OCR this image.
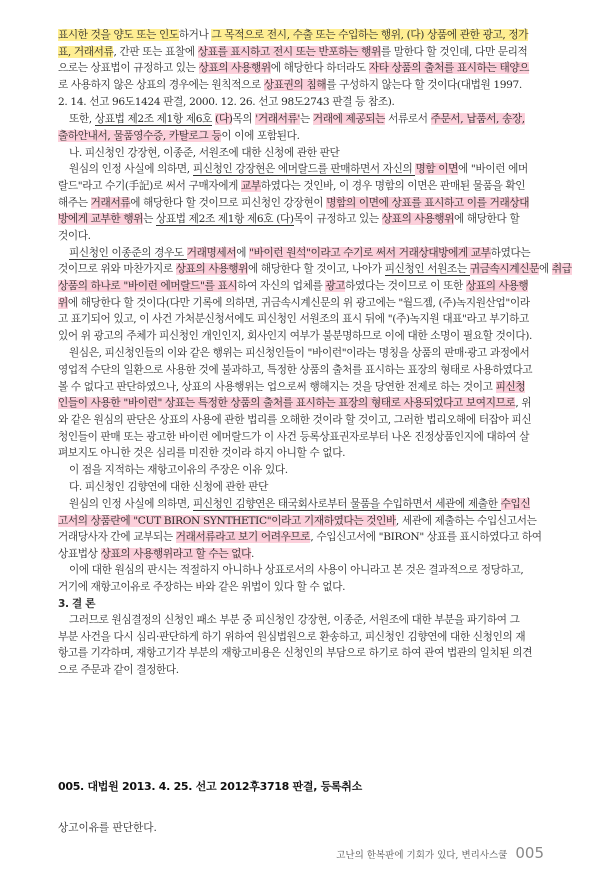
표시한 것을 양도 또는 인도하거나 그 목적으로 전시, 수출 또는 수입하는 행위, (다) 상품에 관한 광고, 정가
표, 거래서류, 간판 또는 표찰에 상표를 표시하고 전시 또는 반포하는 행위를 말한다 할 것인데, 다만 문리적
으로는 상표법이 규정하고 있는 상표의 사용행위에 해당한다 하더라도 자타 상품의 출처를 표시하는 태양으
로 사용하지 않은 상표의 경우에는 원칙적으로 상표권의 침해를 구성하지 않는다 할 것이다(대법원 1997.
2. 14. 선고 96도1424 판결, 2000. 12. 26. 선고 98도2743 판결 등 참조).
또한, 상표법 제2조 제1항 제6호 (다)목의 '거래서류'는 거래에 제공되는 서류로서 주문서, 납품서, 송장,
출하안내서, 물품영수증, 카탈로그 등이 이에 포함된다.
나. 피신청인 강장현, 이종준, 서원조에 대한 신청에 관한 판단
원심의 인정 사실에 의하면, 피신청인 강장현은 에머랄드를 판매하면서 자신의 명함 이면에 "바이런 에머
랄드"라고 수기(手記)로 써서 구매자에게 교부하였다는 것인바, 이 경우 명함의 이면은 판매된 물품을 확인
해주는 거래서류에 해당한다 할 것이므로 피신청인 강장현이 명함의 이면에 상표를 표시하고 이를 거래상대
방에게 교부한 행위는 상표법 제2조 제1항 제6호 (다)목이 규정하고 있는 상표의 사용행위에 해당한다 할
것이다.
피신청인 이종준의 경우도 거래명세서에 "바이런 원석"이라고 수기로 써서 거래상대방에게 교부하였다는
것이므로 위와 마찬가지로 상표의 사용행위에 해당한다 할 것이고, 나아가 피신청인 서원조는 귀금속시계신문에 취급
상품의 하나로 "바이런 에머랄드"를 표시하여 자신의 업체를 광고하였다는 것이므로 이 또한 상표의 사용행
위에 해당한다 할 것이다(다만 기록에 의하면, 귀금속시계신문의 위 광고에는 "월드젬, (주)녹지원산업"이라
고 표기되어 있고, 이 사건 가처분신청서에도 피신청인 서원조의 표시 뒤에 "(주)녹지원 대표"라고 부기하고
있어 위 광고의 주체가 피신청인 개인인지, 회사인지 여부가 불분명하므로 이에 대한 소명이 필요할 것이다).
원심은, 피신청인들의 이와 같은 행위는 피신청인들이 "바이런"이라는 명칭을 상품의 판매·광고 과정에서
영업적 수단의 일환으로 사용한 것에 불과하고, 특정한 상품의 출처를 표시하는 표장의 형태로 사용하였다고
볼 수 없다고 판단하였으나, 상표의 사용행위는 업으로써 행해지는 것을 당연한 전제로 하는 것이고 피신청
인들이 사용한 "바이런" 상표는 특정한 상품의 출처를 표시하는 표장의 형태로 사용되었다고 보여지므로, 위
와 같은 원심의 판단은 상표의 사용에 관한 법리를 오해한 것이라 할 것이고, 그러한 법리오해에 터잡아 피신
청인들이 판매 또는 광고한 바이런 에머랄드가 이 사건 등록상표권자로부터 나온 진정상품인지에 대하여 살
펴보지도 아니한 것은 심리를 미진한 것이라 하지 아니할 수 없다.
이 점을 지적하는 재항고이유의 주장은 이유 있다.
다. 피신청인 김향연에 대한 신청에 관한 판단
원심의 인정 사실에 의하면, 피신청인 김향연은 태국회사로부터 물품을 수입하면서 세관에 제출한 수입신
고서의 상품란에 "CUT BIRON SYNTHETIC"이라고 기재하였다는 것인바, 세관에 제출하는 수입신고서는
거래당사자 간에 교부되는 거래서류라고 보기 어려우므로, 수입신고서에 "BIRON" 상표를 표시하였다고 하여
상표법상 상표의 사용행위라고 할 수는 없다.
이에 대한 원심의 판시는 적절하지 아니하나 상표로서의 사용이 아니라고 본 것은 결과적으로 정당하고,
거기에 재항고이유로 주장하는 바와 같은 위법이 있다 할 수 없다.
005. 대법원 2013. 4. 25. 선고 2012후3718 판결, 등록취소
상고이유를 판단한다.
고난의 한복판에 기회가 있다, 변리사스쿨 005
3. 결 론
그러므로 원심결정의 신청인 패소 부분 중 피신청인 강장현, 이종준, 서원조에 대한 부분을 파기하여 그
부분 사건을 다시 심리·판단하게 하기 위하여 원심법원으로 환송하고, 피신청인 김향연에 대한 신청인의 재
항고를 기각하며, 재항고기각 부분의 재항고비용은 신청인의 부담으로 하기로 하여 관여 법관의 일치된 의견
으로 주문과 같이 결정한다.
